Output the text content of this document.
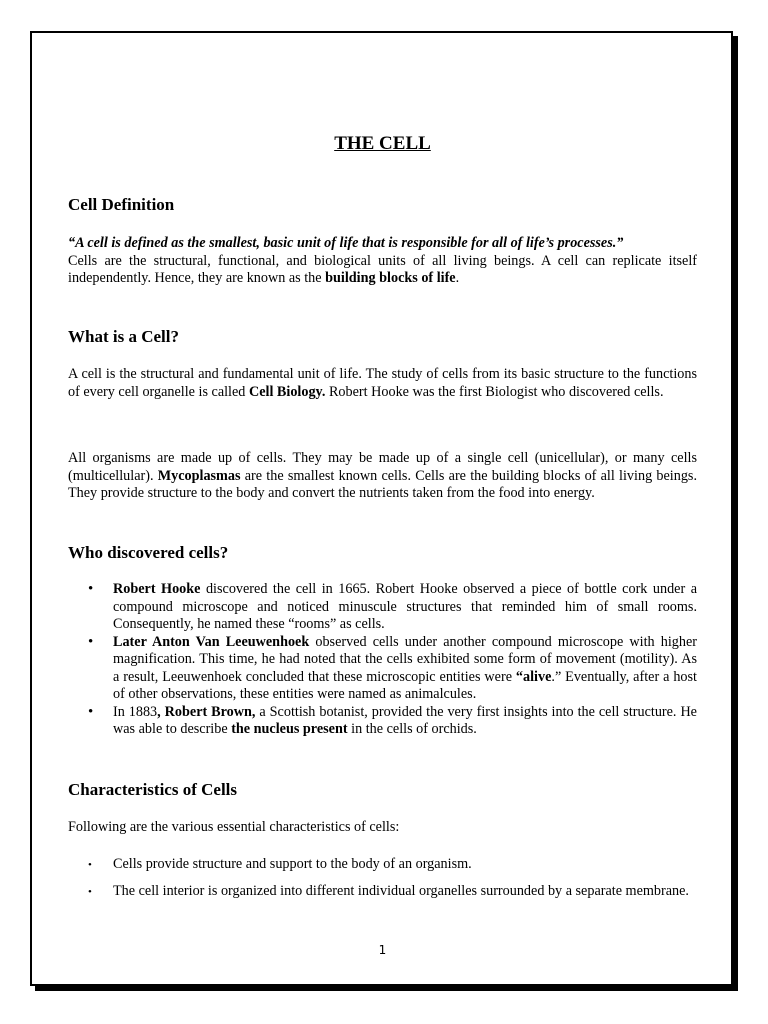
THE CELL
Cell Definition

“A cell is defined as the smallest, basic unit of life that is responsible for all of life’s processes.”
Cells are the structural, functional, and biological units of all living beings. A cell can replicate itself independently. Hence, they are known as the building blocks of life.

What is a Cell?

A cell is the structural and fundamental unit of life. The study of cells from its basic structure to the functions of every cell organelle is called Cell Biology. Robert Hooke was the first Biologist who discovered cells.

All organisms are made up of cells. They may be made up of a single cell (unicellular), or many cells (multicellular). Mycoplasmas are the smallest known cells. Cells are the building blocks of all living beings. They provide structure to the body and convert the nutrients taken from the food into energy.

Who discovered cells?
• Robert Hooke discovered the cell in 1665. Robert Hooke observed a piece of bottle cork under a compound microscope and noticed minuscule structures that reminded him of small rooms. Consequently, he named these “rooms” as cells.
• Later Anton Van Leeuwenhoek observed cells under another compound microscope with higher magnification. This time, he had noted that the cells exhibited some form of movement (motility). As a result, Leeuwenhoek concluded that these microscopic entities were “alive.” Eventually, after a host of other observations, these entities were named as animalcules.
• In 1883, Robert Brown, a Scottish botanist, provided the very first insights into the cell structure. He was able to describe the nucleus present in the cells of orchids.
Characteristics of Cells

Following are the various essential characteristics of cells:

• Cells provide structure and support to the body of an organism.
• The cell interior is organized into different individual organelles surrounded by a separate membrane.
1
